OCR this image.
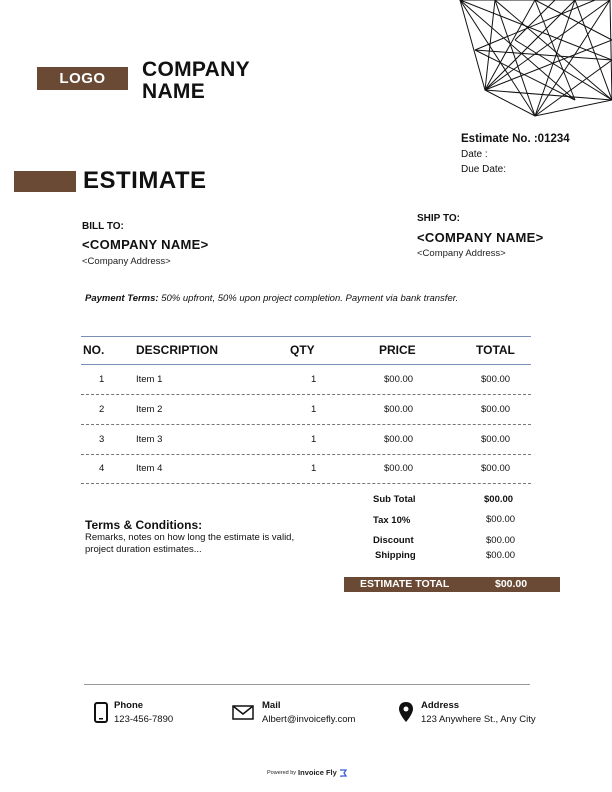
LOGO	COMPANY
NAME
Estimate No. :01234
Date :
Due Date:
ESTIMATE
BILL TO:
<COMPANY NAME>
<Company Address>
SHIP TO:
<COMPANY NAME>
<Company Address>
Payment Terms: 50% upfront, 50% upon project completion. Payment via bank transfer.
NO.	DESCRIPTION	QTY	PRICE	TOTAL
1	Item 1	1	$00.00	$00.00
2	Item 2	1	$00.00	$00.00
3	Item 3	1	$00.00	$00.00
4	Item 4	1	$00.00	$00.00
Sub Total	$00.00
Tax 10%	$00.00
Discount	$00.00
Shipping	$00.00
Terms & Conditions:
Remarks, notes on how long the estimate is valid, project duration estimates...
ESTIMATE TOTAL	$00.00
Phone
123-456-7890
Mail
Albert@invoicefly.com
Address
123 Anywhere St., Any City
Powered by Invoice Fly
